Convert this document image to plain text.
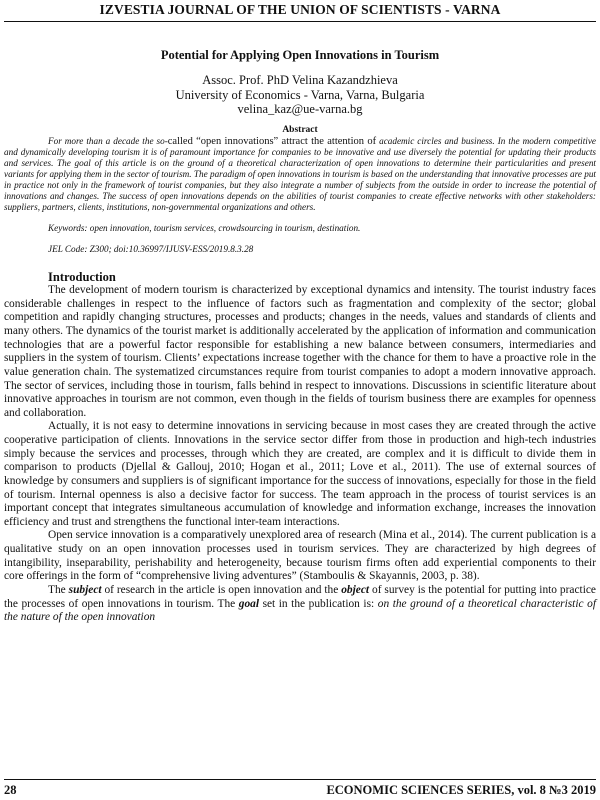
IZVESTIA JOURNAL OF THE UNION OF SCIENTISTS - VARNA
Potential for Applying Open Innovations in Tourism
Assoc. Prof. PhD Velina Kazandzhieva
University of Economics - Varna, Varna, Bulgaria
velina_kaz@ue-varna.bg
Abstract

For more than a decade the so-called “open innovations” attract the attention of academic circles and business. In the modern competitive and dynamically developing tourism it is of paramount importance for companies to be innovative and use diversely the potential for updating their products and services. The goal of this article is on the ground of a theoretical characterization of open innovations to determine their particularities and present variants for applying them in the sector of tourism. The paradigm of open innovations in tourism is based on the understanding that innovative processes are put in practice not only in the framework of tourist companies, but they also integrate a number of subjects from the outside in order to increase the potential of innovations and changes. The success of open innovations depends on the abilities of tourist companies to create effective networks with other stakeholders: suppliers, partners, clients, institutions, non-governmental organizations and others.

Keywords: open innovation, tourism services, crowdsourcing in tourism, destination.
JEL Code: Z300; doi:10.36997/IJUSV-ESS/2019.8.3.28
Introduction

The development of modern tourism is characterized by exceptional dynamics and intensity. The tourist industry faces considerable challenges in respect to the influence of factors such as fragmentation and complexity of the sector; global competition and rapidly changing structures, processes and products; changes in the needs, values and standards of clients and many others. The dynamics of the tourist market is additionally accelerated by the application of information and communication technologies that are a powerful factor responsible for establishing a new balance between consumers, intermediaries and suppliers in the system of tourism. Clients’ expectations increase together with the chance for them to have a proactive role in the value generation chain. The systematized circumstances require from tourist companies to adopt a modern innovative approach. The sector of services, including those in tourism, falls behind in respect to innovations. Discussions in scientific literature about innovative approaches in tourism are not common, even though in the fields of tourism business there are examples for openness and collaboration.

Actually, it is not easy to determine innovations in servicing because in most cases they are created through the active cooperative participation of clients. Innovations in the service sector differ from those in production and high-tech industries simply because the services and processes, through which they are created, are complex and it is difficult to divide them in comparison to products (Djellal & Gallouj, 2010; Hogan et al., 2011; Love et al., 2011). The use of external sources of knowledge by consumers and suppliers is of significant importance for the success of innovations, especially for those in the field of tourism. Internal openness is also a decisive factor for success. The team approach in the process of tourist services is an important concept that integrates simultaneous accumulation of knowledge and information exchange, increases the innovation efficiency and trust and strengthens the functional inter-team interactions.

Open service innovation is a comparatively unexplored area of research (Mina et al., 2014). The current publication is a qualitative study on an open innovation processes used in tourism services. They are characterized by high degrees of intangibility, inseparability, perishability and heterogeneity, because tourism firms often add experiential components to their core offerings in the form of “comprehensive living adventures” (Stamboulis & Skayannis, 2003, p. 38).

The subject of research in the article is open innovation and the object of survey is the potential for putting into practice the processes of open innovations in tourism. The goal set in the publication is: on the ground of a theoretical characteristic of the nature of the open innovation

28	ECONOMIC SCIENCES SERIES, vol. 8 №3 2019
